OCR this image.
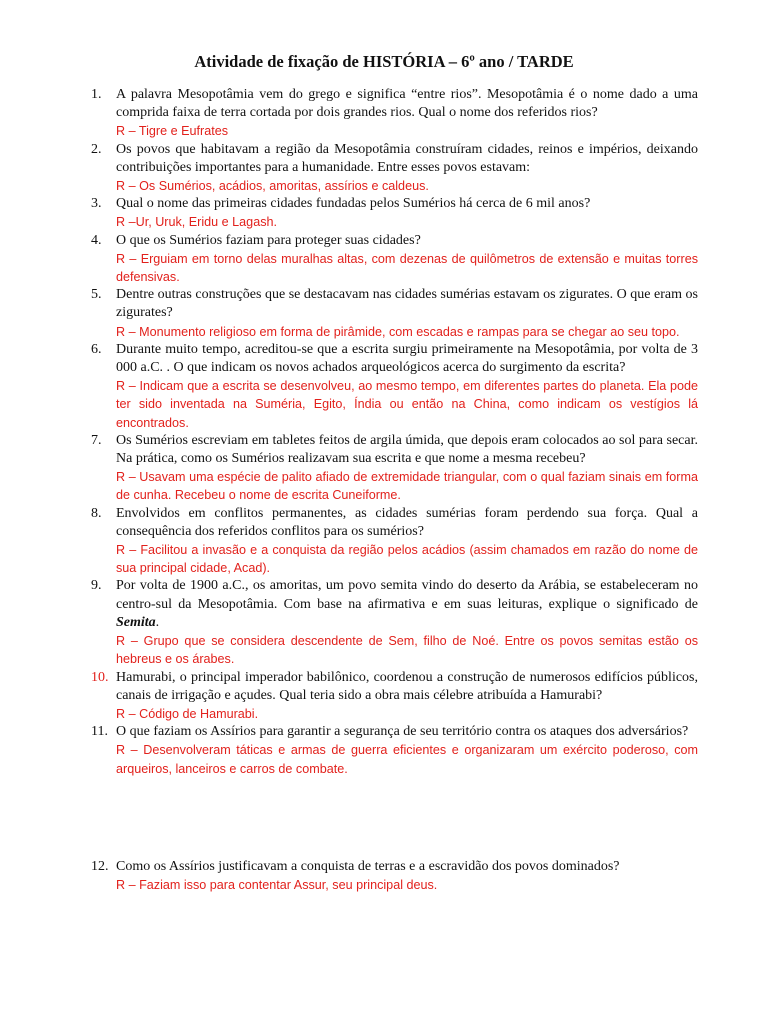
Atividade de fixação de HISTÓRIA – 6º ano / TARDE
1.	A palavra Mesopotâmia vem do grego e significa “entre rios”. Mesopotâmia é o nome dado a uma comprida faixa de terra cortada por dois grandes rios. Qual o nome dos referidos rios?
R – Tigre e Eufrates
2.	Os povos que habitavam a região da Mesopotâmia construíram cidades, reinos e impérios, deixando contribuições importantes para a humanidade. Entre esses povos estavam:
R – Os Sumérios, acádios, amoritas, assírios e caldeus.
3.	Qual o nome das primeiras cidades fundadas pelos Sumérios há cerca de 6 mil anos?
R –Ur, Uruk, Eridu e Lagash.
4.	O que os Sumérios faziam para proteger suas cidades?
R – Erguiam em torno delas muralhas altas, com dezenas de quilômetros de extensão e muitas torres defensivas.
5.	Dentre outras construções que se destacavam nas cidades sumérias estavam os zigurates. O que eram os zigurates?
R – Monumento religioso em forma de pirâmide, com escadas e rampas para se chegar ao seu topo.
6.	Durante muito tempo, acreditou-se que a escrita surgiu primeiramente na Mesopotâmia, por volta de 3 000 a.C. . O que indicam os novos achados arqueológicos acerca do surgimento da escrita?
R – Indicam que a escrita se desenvolveu, ao mesmo tempo, em diferentes partes do planeta. Ela pode ter sido inventada na Suméria, Egito, Índia ou então na China, como indicam os vestígios lá encontrados.
7.	Os Sumérios escreviam em tabletes feitos de argila úmida, que depois eram colocados ao sol para secar. Na prática, como os Sumérios realizavam sua escrita e que nome a mesma recebeu?
R – Usavam uma espécie de palito afiado de extremidade triangular, com o qual faziam sinais em forma de cunha. Recebeu o nome de escrita Cuneiforme.
8.	Envolvidos em conflitos permanentes, as cidades sumérias foram perdendo sua força. Qual a consequência dos referidos conflitos para os sumérios?
R – Facilitou a invasão e a conquista da região pelos acádios (assim chamados em razão do nome de sua principal cidade, Acad).
9.	Por volta de 1900 a.C., os amoritas, um povo semita vindo do deserto da Arábia, se estabeleceram no centro-sul da Mesopotâmia. Com base na afirmativa e em suas leituras, explique o significado de Semita.
R – Grupo que se considera descendente de Sem, filho de Noé. Entre os povos semitas estão os hebreus e os árabes.
10. Hamurabi, o principal imperador babilônico, coordenou a construção de numerosos edifícios públicos, canais de irrigação e açudes. Qual teria sido a obra mais célebre atribuída a Hamurabi?
R – Código de Hamurabi.
11. O que faziam os Assírios para garantir a segurança de seu território contra os ataques dos adversários?
R – Desenvolveram táticas e armas de guerra eficientes e organizaram um exército poderoso, com arqueiros, lanceiros e carros de combate.
12. Como os Assírios justificavam a conquista de terras e a escravidão dos povos dominados?
R – Faziam isso para contentar Assur, seu principal deus.
